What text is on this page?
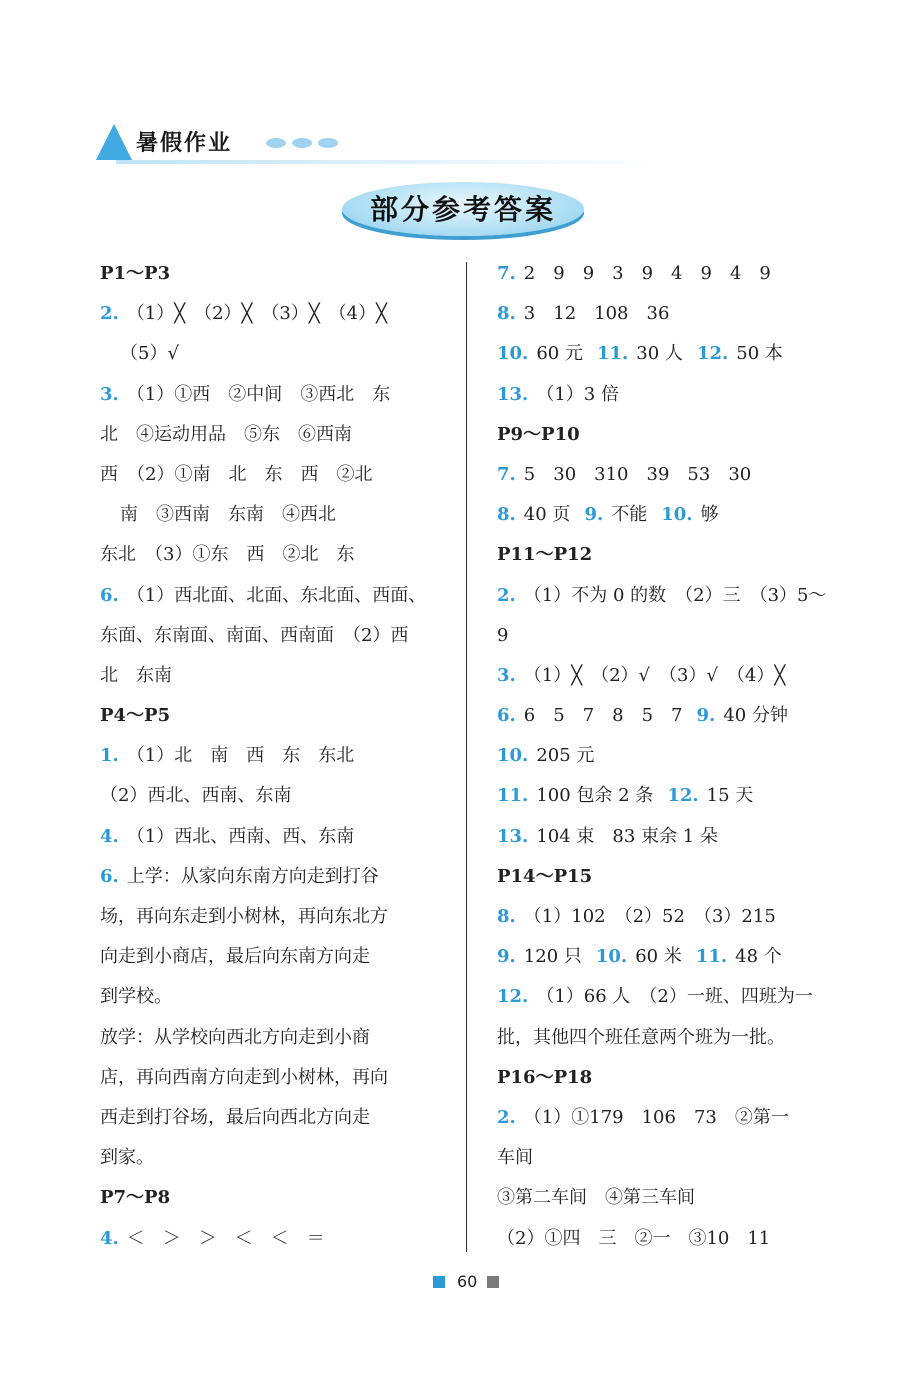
暑假作业
部分参考答案
P1～P3
2. （1）╳　（2）╳　（3）╳　（4）╳
（5）√
3. （1）①西　②中间　③西北　东
北　④运动用品　⑤东　⑥西南
西　（2）①南　北　东　西　②北
南　③西南　东南　④西北
东北　（3）①东　西　②北　东
6. （1）西北面、北面、东北面、西面、
东面、东南面、南面、西南面　（2）西
北　东南
P4～P5
1. （1）北　南　西　东　东北
（2）西北、西南、东南
4. （1）西北、西南、西、东南
6. 上学：从家向东南方向走到打谷
场，再向东走到小树林，再向东北方
向走到小商店，最后向东南方向走
到学校。
放学：从学校向西北方向走到小商
店，再向西南方向走到小树林，再向
西走到打谷场，最后向西北方向走
到家。
P7～P8
4. ＜　＞　＞　＜　＜　＝
7. 2　9　9　3　9　4　9　4　9
8. 3　12　108　36
10. 60 元 11. 30 人 12. 50 本
13. （1）3 倍
P9～P10
7. 5　30　310　39　53　30
8. 40 页 9. 不能 10. 够
P11～P12
2. （1）不为 0 的数　（2）三　（3）5～
9
3. （1）╳　（2）√　（3）√　（4）╳
6. 6　5　7　8　5　7 9. 40 分钟
10. 205 元
11. 100 包余 2 条 12. 15 天
13. 104 束　83 束余 1 朵
P14～P15
8. （1）102　（2）52　（3）215
9. 120 只 10. 60 米 11. 48 个
12. （1）66 人　（2）一班、四班为一
批，其他四个班任意两个班为一批。
P16～P18
2. （1）①179　106　73　②第一
车间
③第二车间　④第三车间
（2）①四　三　②一　③10　11
60
